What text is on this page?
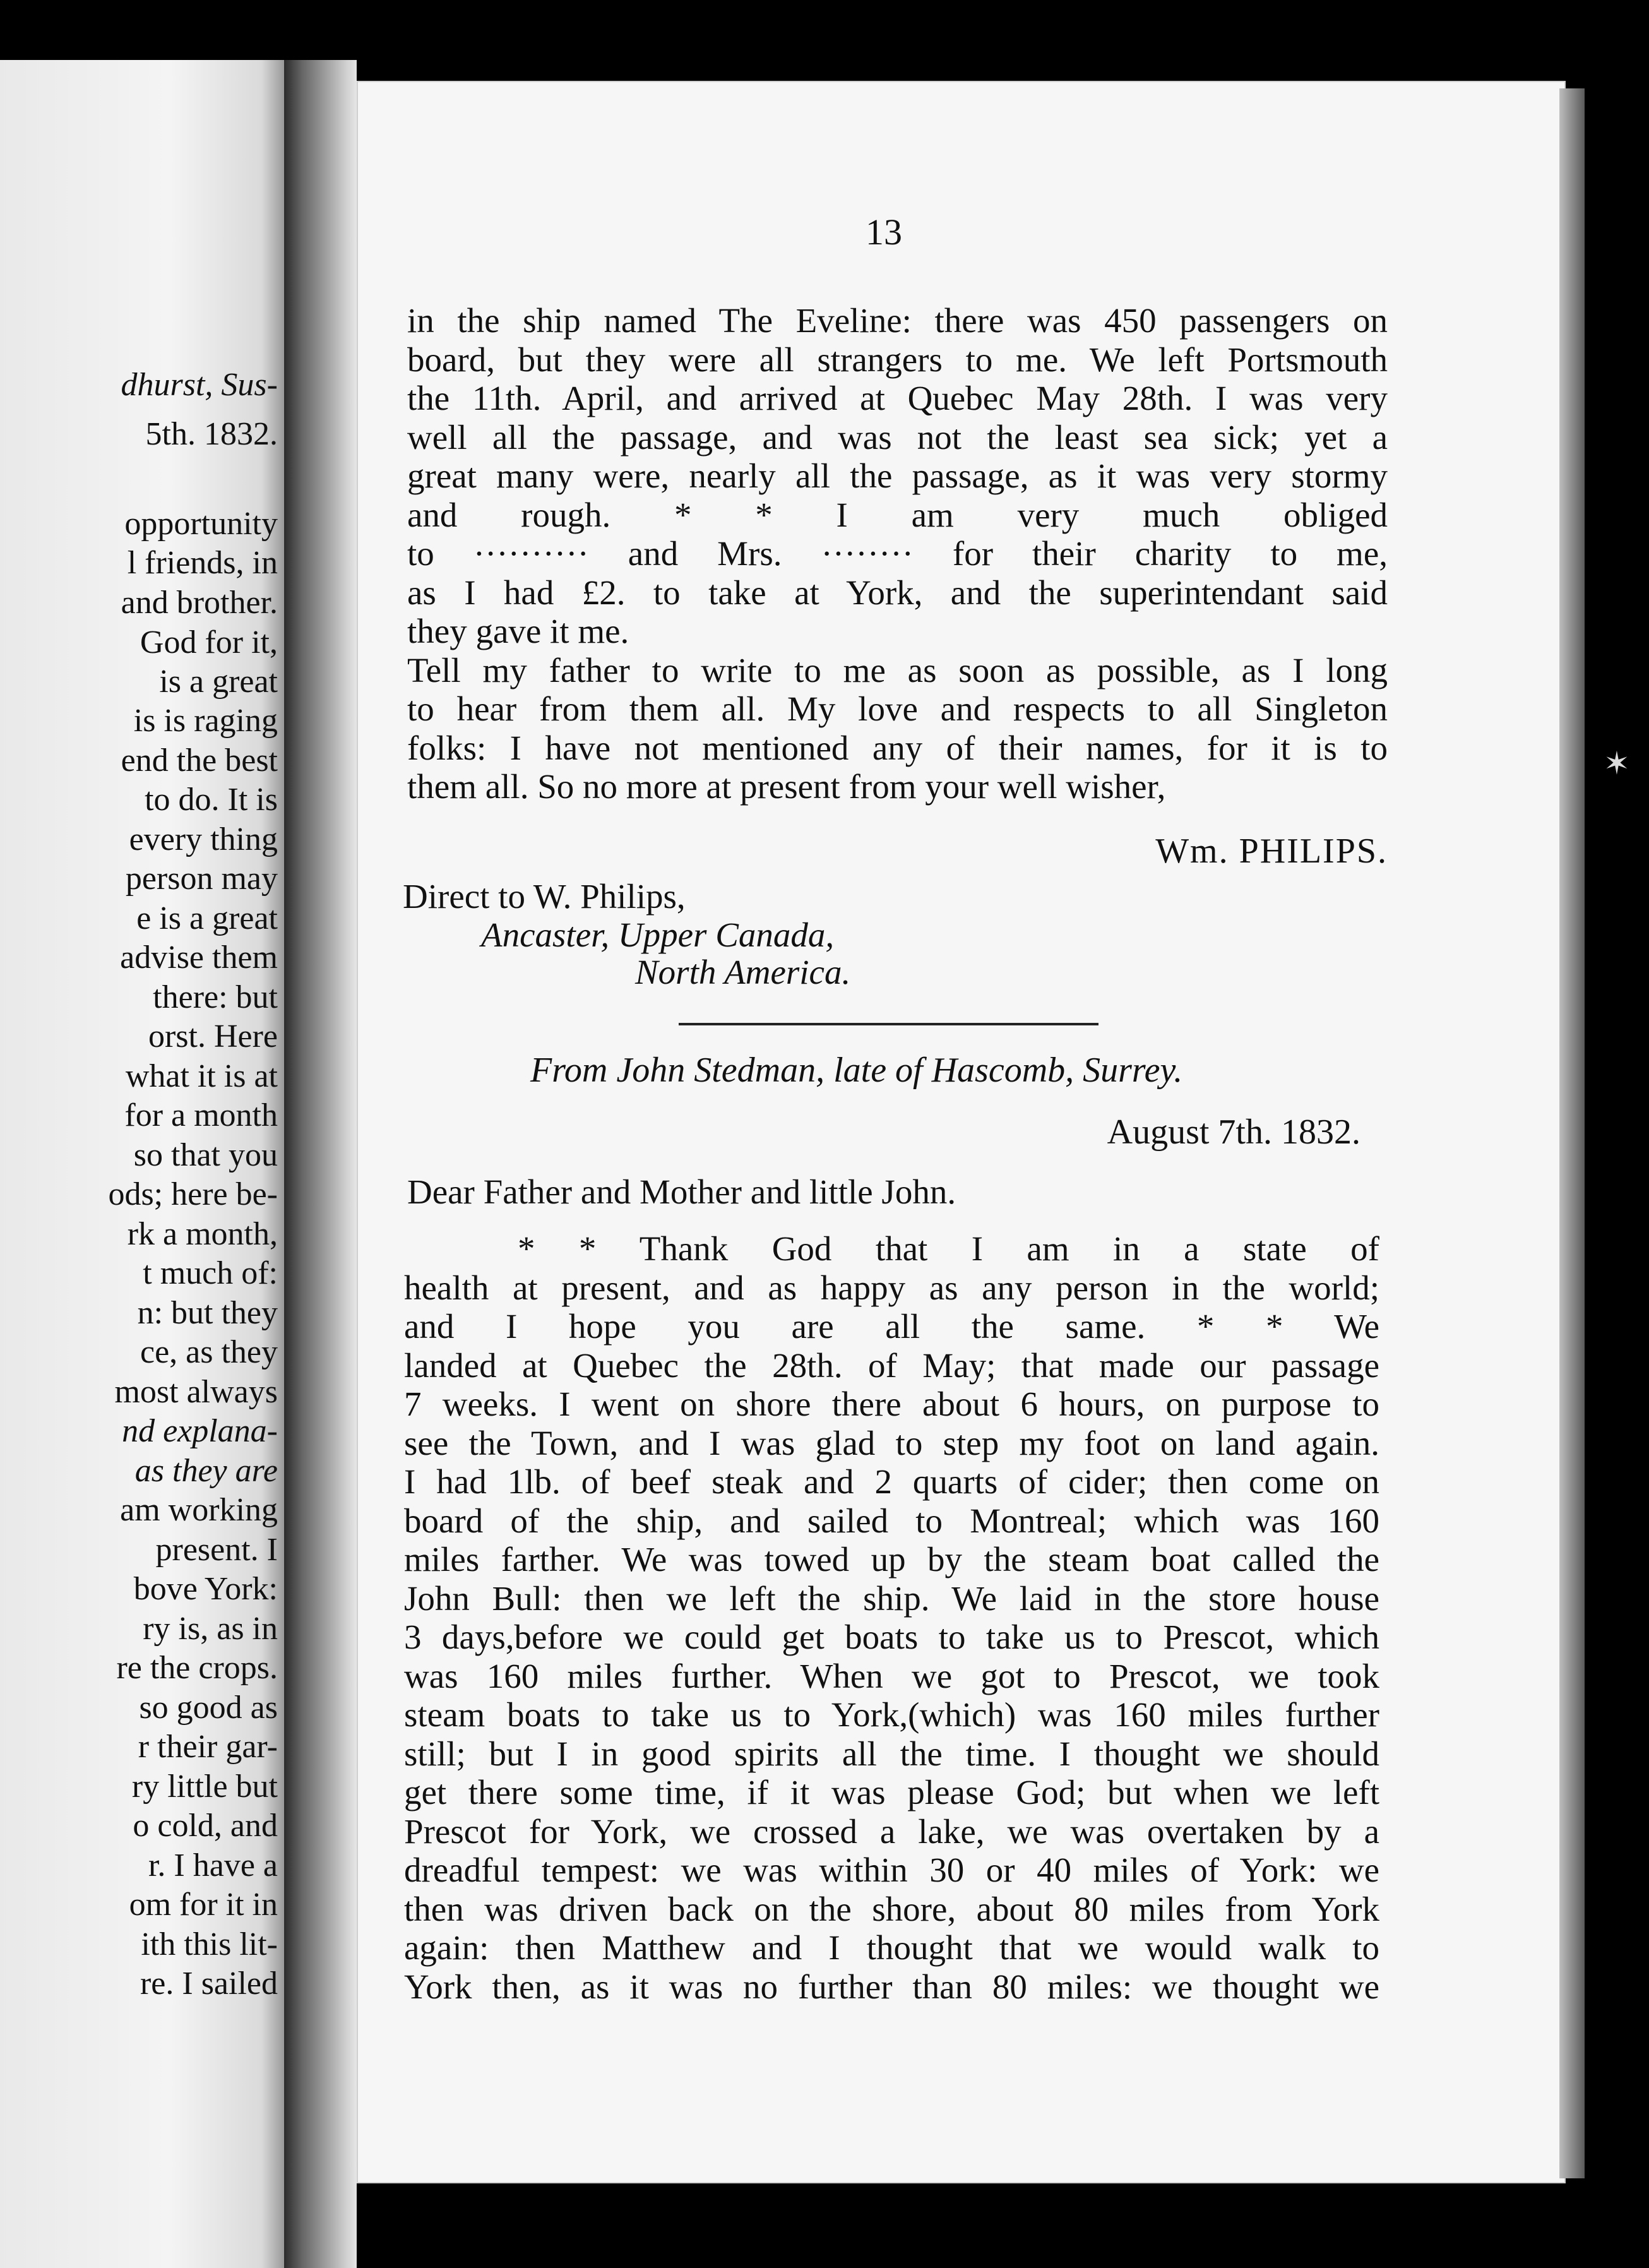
dhurst, Sus-
5th. 1832.
opportunity
l friends, in
and brother.
God for it,
is a great
is is raging
end the best
to do. It is
every thing
person may
e is a great
advise them
there: but
orst. Here
what it is at
for a month
so that you
ods; here be-
rk a month,
t much of:
n: but they
ce, as they
most always
nd explana-
as they are
am working
present. I
bove York:
ry is, as in
re the crops.
so good as
r their gar-
ry little but
o cold, and
r. I have a
om for it in
ith this lit-
re. I sailed
✶
13
in the ship named The Eveline: there was 450 passengers on
board, but they were all strangers to me. We left Portsmouth
the 11th. April, and arrived at Quebec May 28th. I was very
well all the passage, and was not the least sea sick; yet a
great many were, nearly all the passage, as it was very stormy
and rough. * * I am very much obliged
to ·········· and Mrs. ········ for their charity to me,
as I had £2. to take at York, and the superintendant said
they gave it me.
Tell my father to write to me as soon as possible, as I long
to hear from them all. My love and respects to all Singleton
folks: I have not mentioned any of their names, for it is to
them all. So no more at present from your well wisher,
Wm. PHILIPS.
Direct to W. Philips,
Ancaster, Upper Canada,
North America.
From John Stedman, late of Hascomb, Surrey.
August 7th. 1832.
Dear Father and Mother and little John.
* * Thank God that I am in a state of
health at present, and as happy as any person in the world;
and I hope you are all the same. * * We
landed at Quebec the 28th. of May; that made our passage
7 weeks. I went on shore there about 6 hours, on purpose to
see the Town, and I was glad to step my foot on land again.
I had 1lb. of beef steak and 2 quarts of cider; then come on
board of the ship, and sailed to Montreal; which was 160
miles farther. We was towed up by the steam boat called the
John Bull: then we left the ship. We laid in the store house
3 days,before we could get boats to take us to Prescot, which
was 160 miles further. When we got to Prescot, we took
steam boats to take us to York,(which) was 160 miles further
still; but I in good spirits all the time. I thought we should
get there some time, if it was please God; but when we left
Prescot for York, we crossed a lake, we was overtaken by a
dreadful tempest: we was within 30 or 40 miles of York: we
then was driven back on the shore, about 80 miles from York
again: then Matthew and I thought that we would walk to
York then, as it was no further than 80 miles: we thought we
